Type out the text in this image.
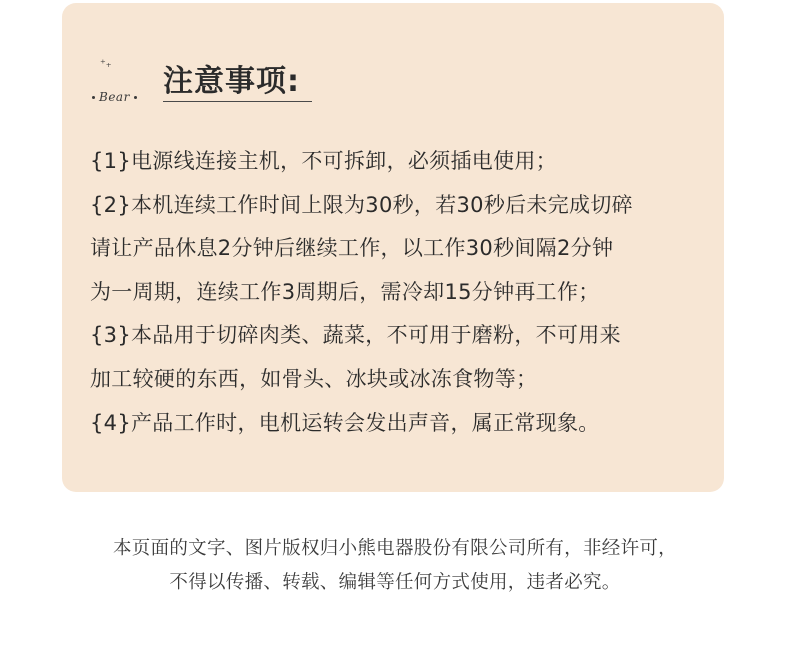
⁺₊
Bear	注意事项:
{1}电源线连接主机，不可拆卸，必须插电使用；
{2}本机连续工作时间上限为30秒，若30秒后未完成切碎
请让产品休息2分钟后继续工作，以工作30秒间隔2分钟
为一周期，连续工作3周期后，需冷却15分钟再工作；
{3}本品用于切碎肉类、蔬菜，不可用于磨粉，不可用来
加工较硬的东西，如骨头、冰块或冰冻食物等；
{4}产品工作时，电机运转会发出声音，属正常现象。
本页面的文字、图片版权归小熊电器股份有限公司所有，非经许可，
不得以传播、转载、编辑等任何方式使用，违者必究。
